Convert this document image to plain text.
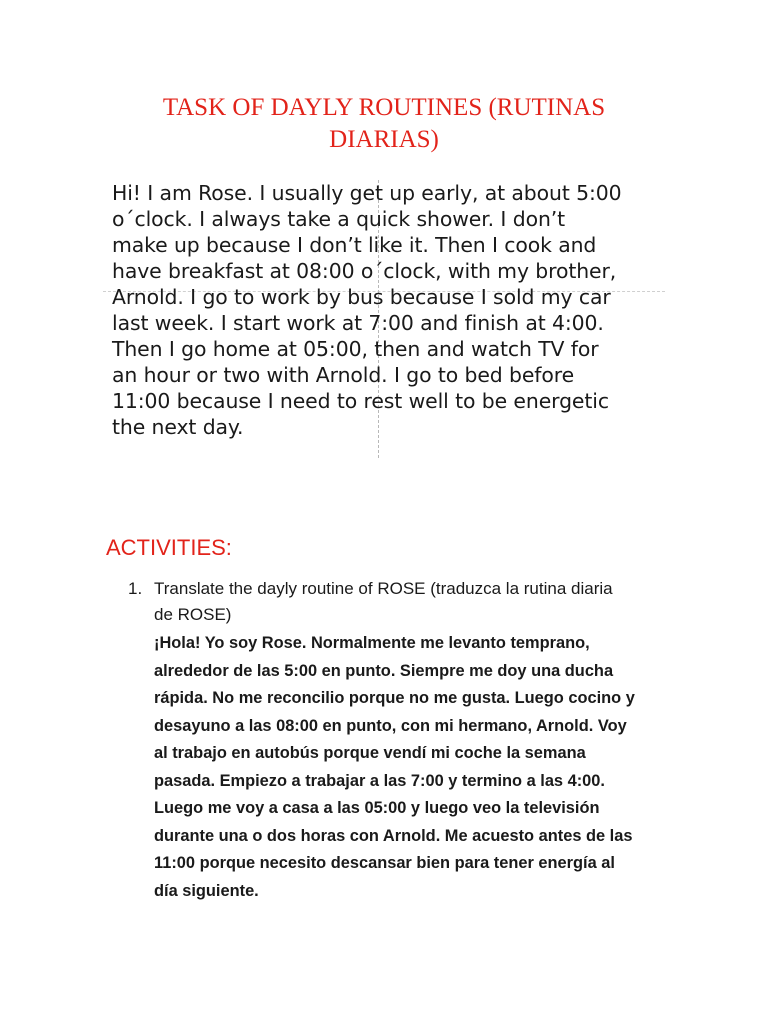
TASK OF DAYLY ROUTINES (RUTINAS
DIARIAS)

Hi! I am Rose. I usually get up early, at about 5:00
o´clock. I always take a quick shower. I don’t
make up because I don’t like it. Then I cook and
have breakfast at 08:00 o´clock, with my brother,
Arnold. I go to work by bus because I sold my car
last week. I start work at 7:00 and finish at 4:00.
Then I go home at 05:00, then and watch TV for
an hour or two with Arnold. I go to bed before
11:00 because I need to rest well to be energetic
the next day.

ACTIVITIES:
1. Translate the dayly routine of ROSE (traduzca la rutina diaria
de ROSE)

¡Hola! Yo soy Rose. Normalmente me levanto temprano,
alrededor de las 5:00 en punto. Siempre me doy una ducha
rápida. No me reconcilio porque no me gusta. Luego cocino y
desayuno a las 08:00 en punto, con mi hermano, Arnold. Voy
al trabajo en autobús porque vendí mi coche la semana
pasada. Empiezo a trabajar a las 7:00 y termino a las 4:00.
Luego me voy a casa a las 05:00 y luego veo la televisión
durante una o dos horas con Arnold. Me acuesto antes de las
11:00 porque necesito descansar bien para tener energía al
día siguiente.
